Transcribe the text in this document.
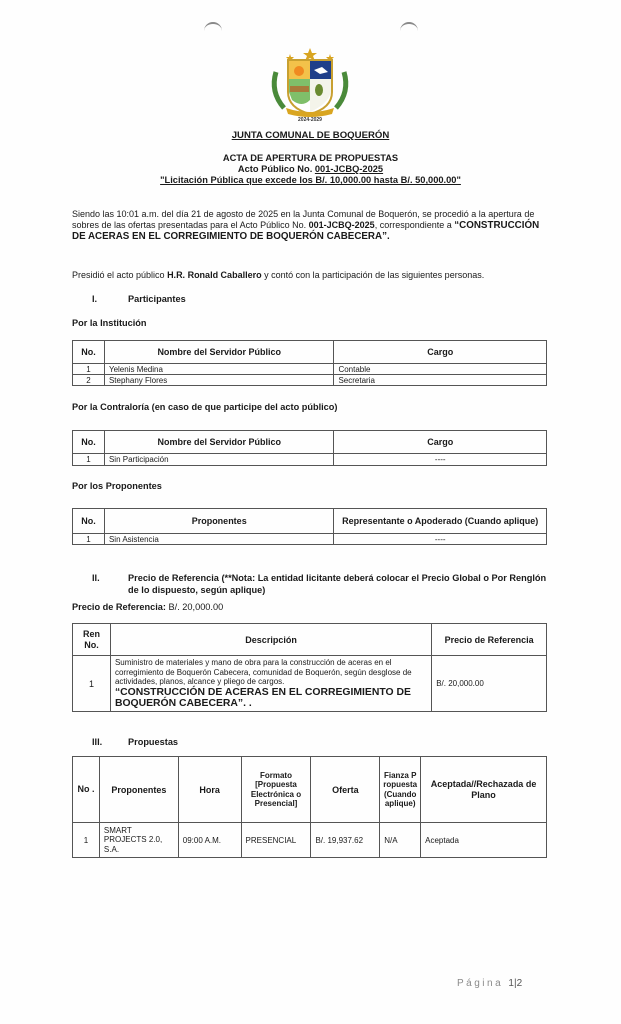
2024-2029
JUNTA COMUNAL DE BOQUERÓN
ACTA DE APERTURA DE PROPUESTAS
Acto Público No. 001-JCBQ-2025
"Licitación Pública que excede los B/. 10,000.00 hasta B/. 50,000.00"
Siendo las 10:01 a.m. del día 21 de agosto de 2025 en la Junta Comunal de Boquerón, se procedió a la apertura de sobres de las ofertas presentadas para el Acto Público No. 001-JCBQ-2025, correspondiente a “CONSTRUCCIÓN DE ACERAS EN EL CORREGIMIENTO DE BOQUERÓN CABECERA”.
Presidió el acto público H.R. Ronald Caballero y contó con la participación de las siguientes personas.
I.	Participantes
Por la Institución
No.	Nombre del Servidor Público	Cargo
1	Yelenis Medina	Contable
2	Stephany Flores	Secretaria
Por la Contraloría (en caso de que participe del acto público)
No.	Nombre del Servidor Público	Cargo
1	Sin Participación	----
Por los Proponentes
No.	Proponentes	Representante o Apoderado (Cuando aplique)
1	Sin Asistencia	----
II.	Precio de Referencia (**Nota: La entidad licitante deberá colocar el Precio Global o Por Renglón de lo dispuesto, según aplique)
Precio de Referencia: B/. 20,000.00
Ren No.	Descripción	Precio de Referencia
1	Suministro de materiales y mano de obra para la construcción de aceras en el corregimiento de Boquerón Cabecera, comunidad de Boquerón, según desglose de actividades, planos, alcance y pliego de cargos.
“CONSTRUCCIÓN DE ACERAS EN EL CORREGIMIENTO DE BOQUERÓN CABECERA”. .	B/. 20,000.00
III.	Propuestas
No .	Proponentes	Hora	Formato [Propuesta Electrónica o Presencial]	Oferta	Fianza Propuesta (Cuando aplique)	Aceptada//Rechazada de Plano
1	SMART PROJECTS 2.0, S.A.	09:00 A.M.	PRESENCIAL	B/. 19,937.62	N/A	Aceptada
Página 1|2
